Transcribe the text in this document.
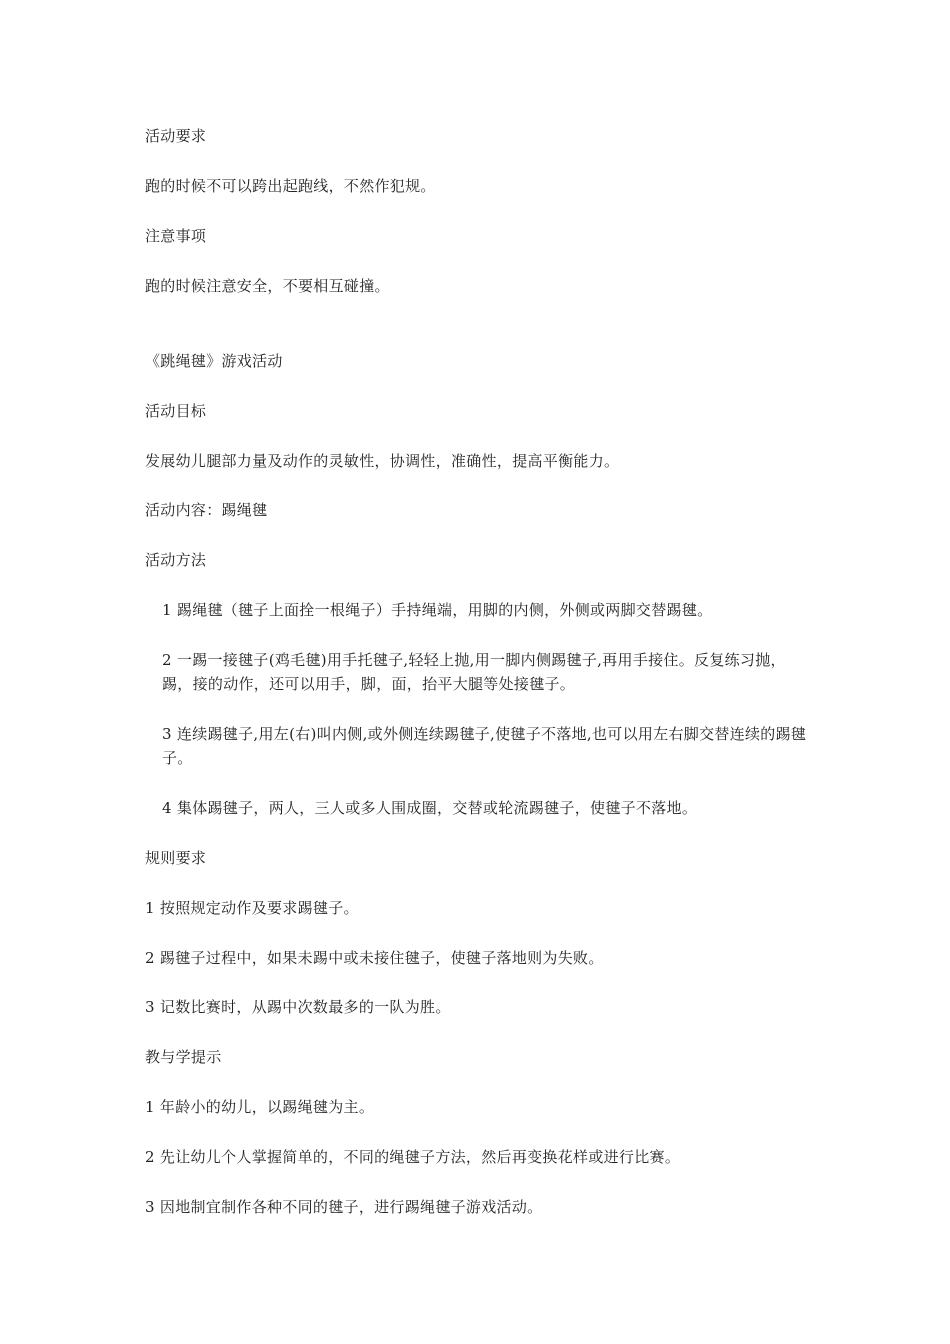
活动要求
跑的时候不可以跨出起跑线，不然作犯规。
注意事项
跑的时候注意安全，不要相互碰撞。
《跳绳毽》游戏活动
活动目标
发展幼儿腿部力量及动作的灵敏性，协调性，准确性，提高平衡能力。
活动内容：踢绳毽
活动方法
1 踢绳毽（毽子上面拴一根绳子）手持绳端，用脚的内侧，外侧或两脚交替踢毽。
2 一踢一接毽子(鸡毛毽)用手托毽子,轻轻上抛,用一脚内侧踢毽子,再用手接住。反复练习抛，踢，接的动作，还可以用手，脚，面，抬平大腿等处接毽子。
3 连续踢毽子,用左(右)叫内侧,或外侧连续踢毽子,使毽子不落地,也可以用左右脚交替连续的踢毽子。
4 集体踢毽子，两人，三人或多人围成圈，交替或轮流踢毽子，使毽子不落地。
规则要求
1 按照规定动作及要求踢毽子。
2 踢毽子过程中，如果未踢中或未接住毽子，使毽子落地则为失败。
3 记数比赛时，从踢中次数最多的一队为胜。
教与学提示
1 年龄小的幼儿，以踢绳毽为主。
2 先让幼儿个人掌握简单的，不同的绳毽子方法，然后再变换花样或进行比赛。
3 因地制宜制作各种不同的毽子，进行踢绳毽子游戏活动。
